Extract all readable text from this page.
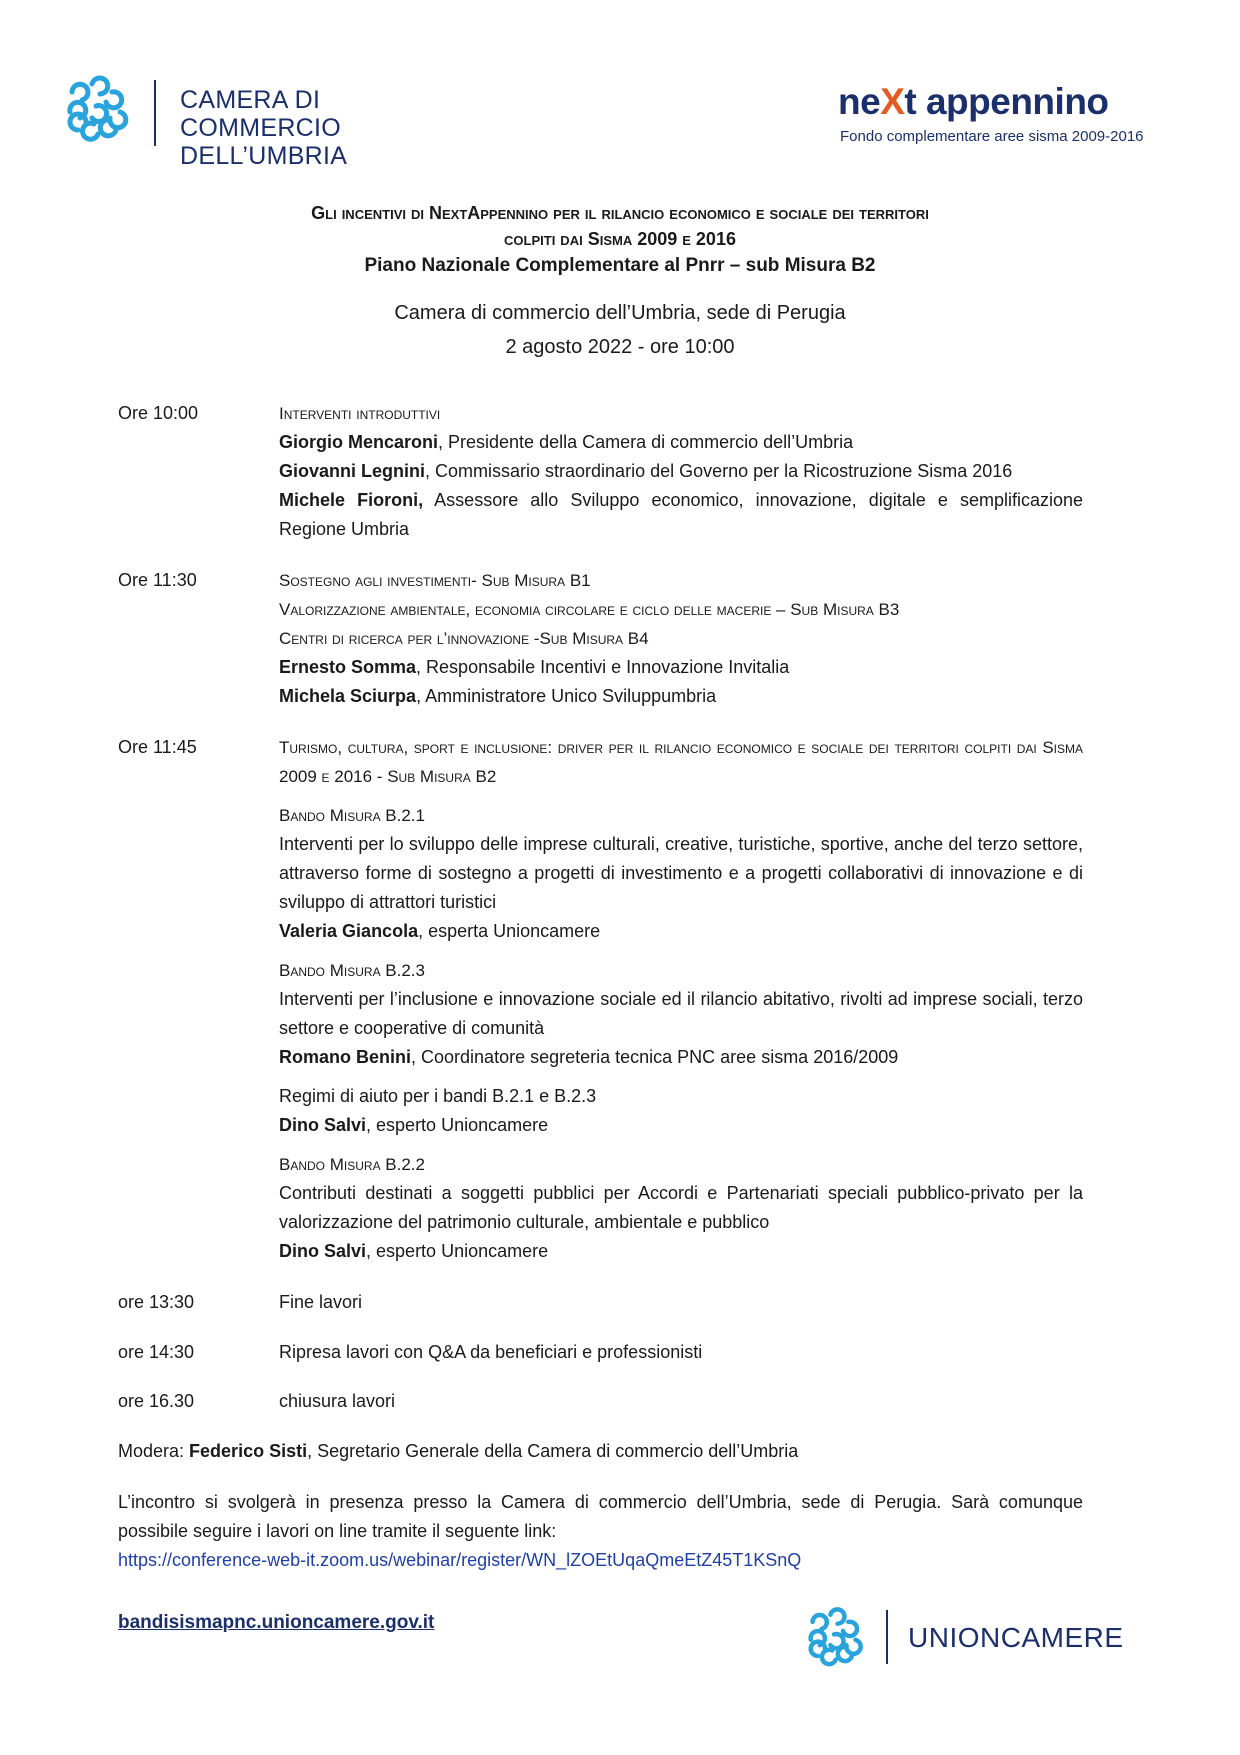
CAMERA DI COMMERCIO
DELL’UMBRIA
neXt appennino
Fondo complementare aree sisma 2009-2016
Gli incentivi di NextAppennino per il rilancio economico e sociale dei territori
colpiti dai Sisma 2009 e 2016
Piano Nazionale Complementare al Pnrr – sub Misura B2
Camera di commercio dell’Umbria, sede di Perugia
2 agosto 2022 - ore 10:00
Ore 10:00	Interventi introduttivi

Giorgio Mencaroni, Presidente della Camera di commercio dell’Umbria

Giovanni Legnini, Commissario straordinario del Governo per la Ricostruzione Sisma 2016

Michele Fioroni, Assessore allo Sviluppo economico, innovazione, digitale e semplificazione Regione Umbria

Ore 11:30	Sostegno agli investimenti- Sub Misura B1

Valorizzazione ambientale, economia circolare e ciclo delle macerie – Sub Misura B3

Centri di ricerca per l’innovazione -Sub Misura B4

Ernesto Somma, Responsabile Incentivi e Innovazione Invitalia

Michela Sciurpa, Amministratore Unico Sviluppumbria

Ore 11:45	Turismo, cultura, sport e inclusione: driver per il rilancio economico e sociale dei territori colpiti dai Sisma 2009 e 2016 - Sub Misura B2

Bando Misura B.2.1

Interventi per lo sviluppo delle imprese culturali, creative, turistiche, sportive, anche del terzo settore, attraverso forme di sostegno a progetti di investimento e a progetti collaborativi di innovazione e di sviluppo di attrattori turistici

Valeria Giancola, esperta Unioncamere

Bando Misura B.2.3

Interventi per l’inclusione e innovazione sociale ed il rilancio abitativo, rivolti ad imprese sociali, terzo settore e cooperative di comunità

Romano Benini, Coordinatore segreteria tecnica PNC aree sisma 2016/2009

Regimi di aiuto per i bandi B.2.1 e B.2.3

Dino Salvi, esperto Unioncamere

Bando Misura B.2.2

Contributi destinati a soggetti pubblici per Accordi e Partenariati speciali pubblico-privato per la valorizzazione del patrimonio culturale, ambientale e pubblico

Dino Salvi, esperto Unioncamere

ore 13:30	Fine lavori

ore 14:30	Ripresa lavori con Q&A da beneficiari e professionisti

ore 16.30	chiusura lavori

Modera: Federico Sisti, Segretario Generale della Camera di commercio dell’Umbria
L’incontro si svolgerà in presenza presso la Camera di commercio dell’Umbria, sede di Perugia. Sarà comunque possibile seguire i lavori on line tramite il seguente link:
https://conference-web-it.zoom.us/webinar/register/WN_lZOEtUqaQmeEtZ45T1KSnQ
bandisismapnc.unioncamere.gov.it	UNIONCAMERE
